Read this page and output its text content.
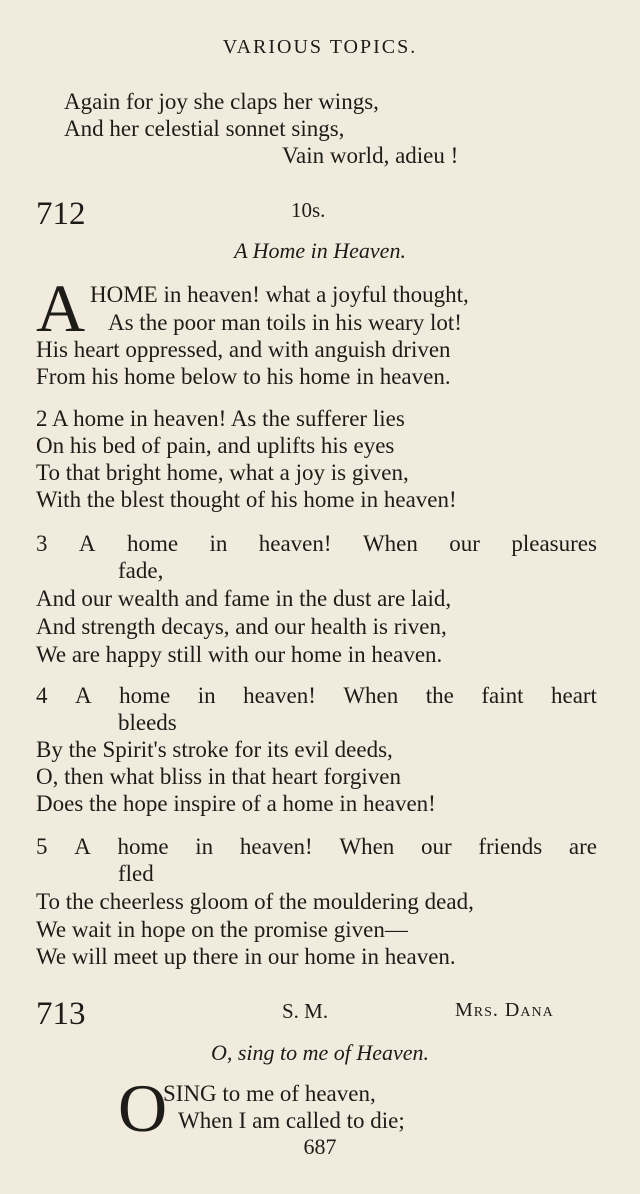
VARIOUS TOPICS.
Again for joy she claps her wings,
And her celestial sonnet sings,
Vain world, adieu !
712	10s.
A Home in Heaven.
A HOME in heaven! what a joyful thought,
As the poor man toils in his weary lot!
His heart oppressed, and with anguish driven
From his home below to his home in heaven.
2 A home in heaven! As the sufferer lies
On his bed of pain, and uplifts his eyes
To that bright home, what a joy is given,
With the blest thought of his home in heaven!
3 A home in heaven! When our pleasures
fade,
And our wealth and fame in the dust are laid,
And strength decays, and our health is riven,
We are happy still with our home in heaven.
4 A home in heaven! When the faint heart
bleeds
By the Spirit's stroke for its evil deeds,
O, then what bliss in that heart forgiven
Does the hope inspire of a home in heaven!
5 A home in heaven! When our friends are
fled
To the cheerless gloom of the mouldering dead,
We wait in hope on the promise given—
We will meet up there in our home in heaven.
713	S. M.	Mrs. Dana
O, sing to me of Heaven.
O
SING to me of heaven,
When I am called to die;
687
